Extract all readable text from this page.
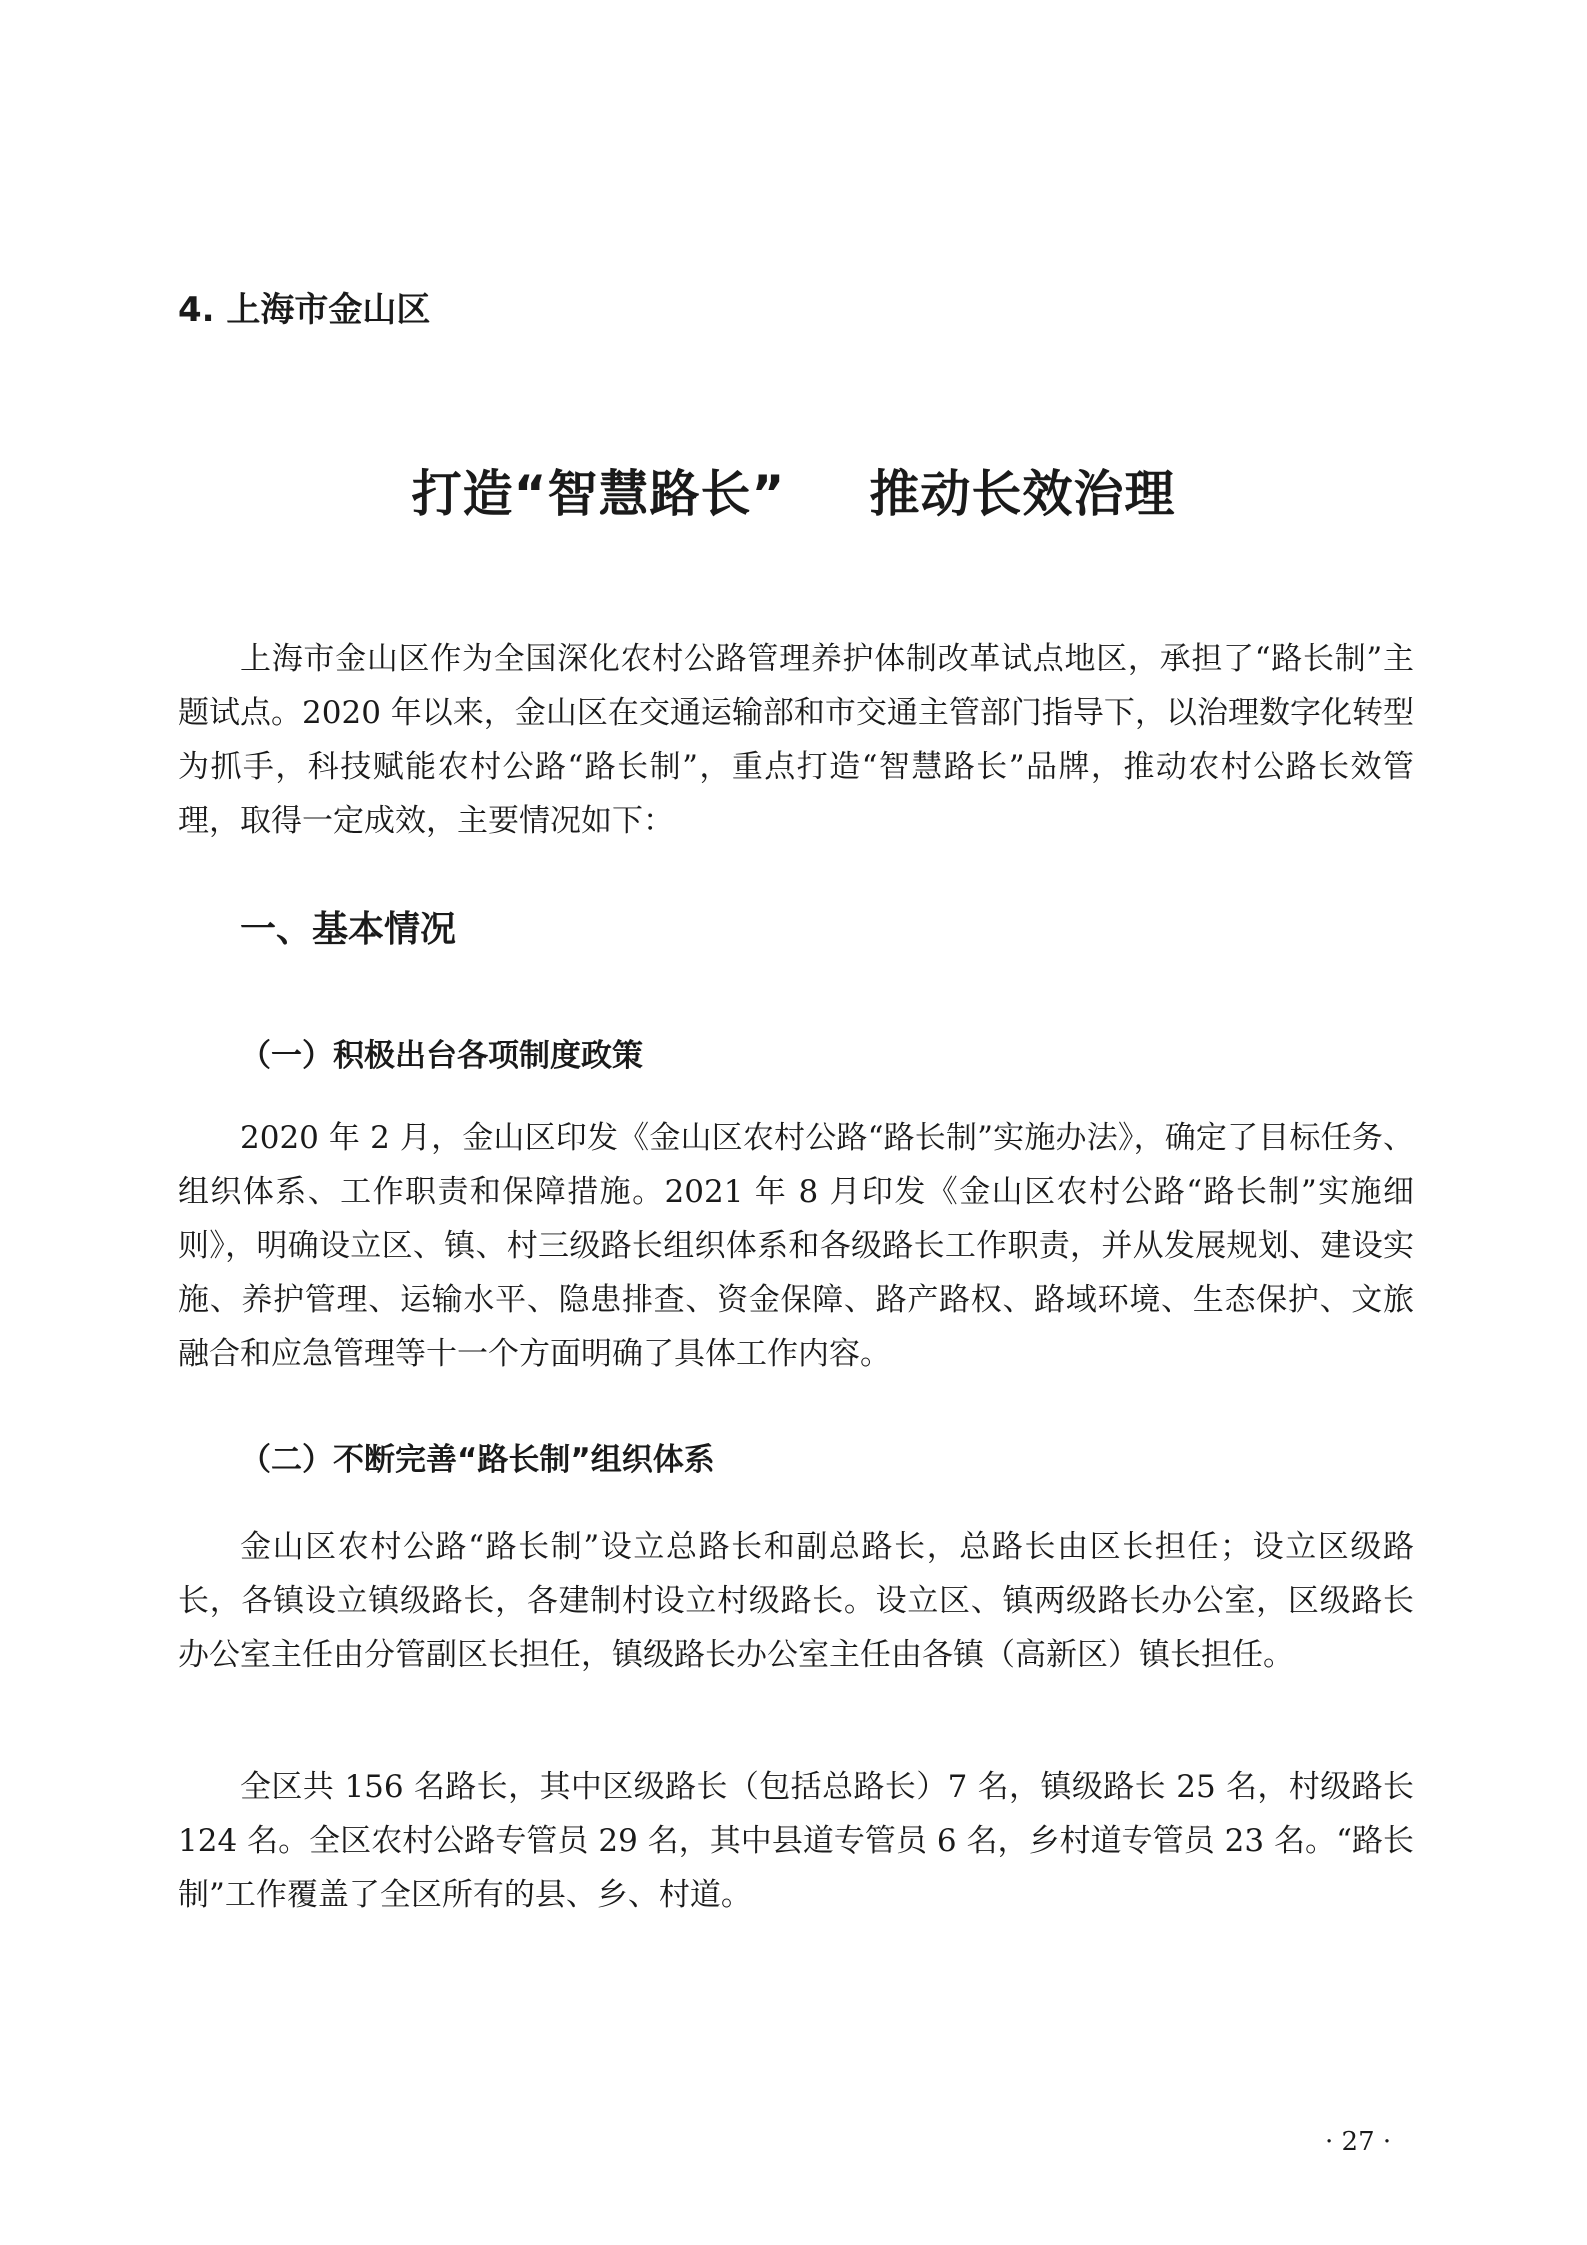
4. 上海市金山区

打造“智慧路长” 推动长效治理

上海市金山区作为全国深化农村公路管理养护体制改革试点地区，承担了“路长制”主题试点。2020 年以来，金山区在交通运输部和市交通主管部门指导下，以治理数字化转型为抓手，科技赋能农村公路“路长制”，重点打造“智慧路长”品牌，推动农村公路长效管理，取得一定成效，主要情况如下：

一、基本情况
（一）积极出台各项制度政策

2020 年 2 月，金山区印发《金山区农村公路“路长制”实施办法》，确定了目标任务、组织体系、工作职责和保障措施。2021 年 8 月印发《金山区农村公路“路长制”实施细则》，明确设立区、镇、村三级路长组织体系和各级路长工作职责，并从发展规划、建设实施、养护管理、运输水平、隐患排查、资金保障、路产路权、路域环境、生态保护、文旅融合和应急管理等十一个方面明确了具体工作内容。

（二）不断完善“路长制”组织体系

金山区农村公路“路长制”设立总路长和副总路长，总路长由区长担任；设立区级路长，各镇设立镇级路长，各建制村设立村级路长。设立区、镇两级路长办公室，区级路长办公室主任由分管副区长担任，镇级路长办公室主任由各镇（高新区）镇长担任。

全区共 156 名路长，其中区级路长（包括总路长）7 名，镇级路长 25 名，村级路长 124 名。全区农村公路专管员 29 名，其中县道专管员 6 名，乡村道专管员 23 名。“路长制”工作覆盖了全区所有的县、乡、村道。

· 27 ·
